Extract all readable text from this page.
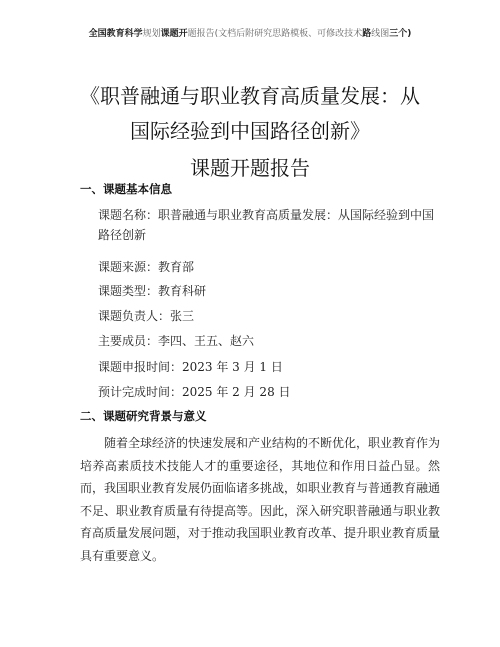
全国教育科学规划课题开题报告(文档后附研究思路模板、可修改技术路线图三个)
《职普融通与职业教育高质量发展：从
国际经验到中国路径创新》
课题开题报告
一、课题基本信息
课题名称：职普融通与职业教育高质量发展：从国际经验到中国路径创新
课题来源：教育部
课题类型：教育科研
课题负责人：张三
主要成员：李四、王五、赵六
课题申报时间：2023 年 3 月 1 日
预计完成时间：2025 年 2 月 28 日
二、课题研究背景与意义
随着全球经济的快速发展和产业结构的不断优化，职业教育作为培养高素质技术技能人才的重要途径，其地位和作用日益凸显。然而，我国职业教育发展仍面临诸多挑战，如职业教育与普通教育融通不足、职业教育质量有待提高等。因此，深入研究职普融通与职业教育高质量发展问题，对于推动我国职业教育改革、提升职业教育质量具有重要意义。
